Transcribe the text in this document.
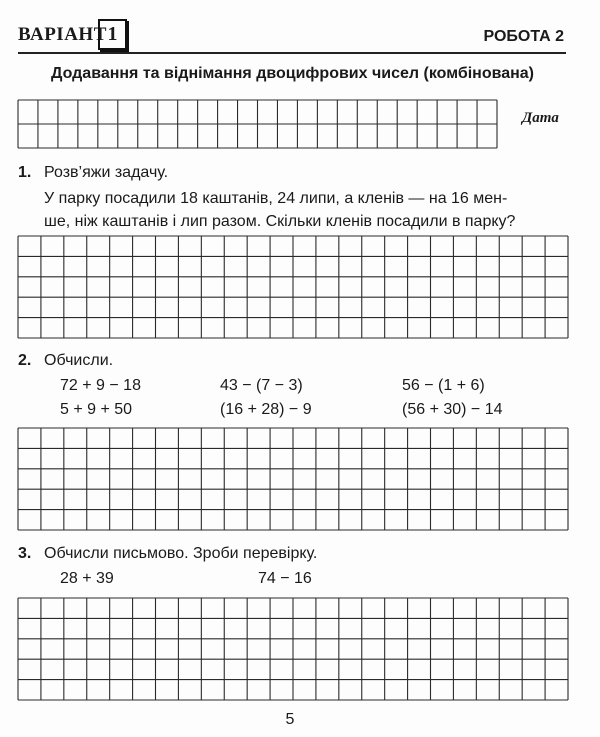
ВАРІАНТ 1	РОБОТА 2
Додавання та віднімання двоцифрових чисел (комбінована)
Дата
1. Розв’яжи задачу.
У парку посадили 18 каштанів, 24 липи, а кленів — на 16 мен-
ше, ніж каштанів і лип разом. Скільки кленів посадили в парку?
2. Обчисли.
72 + 9 − 18	43 − (7 − 3)	56 − (1 + 6)
5 + 9 + 50	(16 + 28) − 9	(56 + 30) − 14
3. Обчисли письмово. Зроби перевірку.
28 + 39	74 − 16
5
